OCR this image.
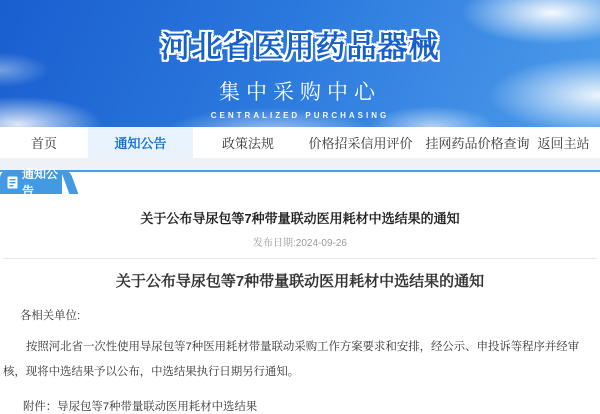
河北省医用药品器械
集中采购中心
CENTRALIZED PURCHASING
首页	通知公告	政策法规	价格招采信用评价 挂网药品价格查询 返回主站
通知公告
关于公布导尿包等7种带量联动医用耗材中选结果的通知
发布日期:2024-09-26
关于公布导尿包等7种带量联动医用耗材中选结果的通知

各相关单位:

按照河北省一次性使用导尿包等7种医用耗材带量联动采购工作方案要求和安排，经公示、申投诉等程序并经审核，现将中选结果予以公布，中选结果执行日期另行通知。

附件：导尿包等7种带量联动医用耗材中选结果
